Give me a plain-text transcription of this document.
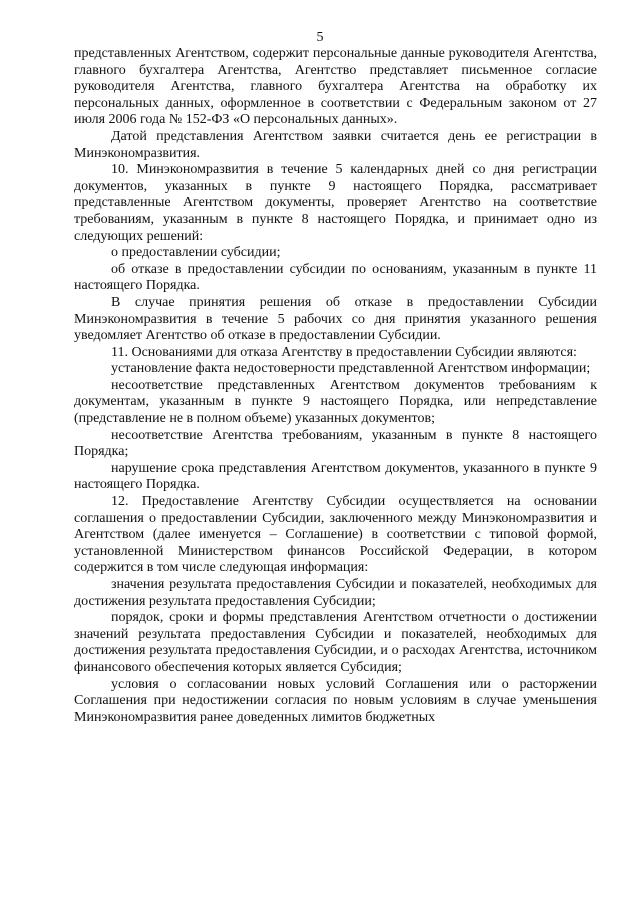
5

представленных Агентством, содержит персональные данные руководителя Агентства, главного бухгалтера Агентства, Агентство представляет письменное согласие руководителя Агентства, главного бухгалтера Агентства на обработку их персональных данных, оформленное в соответствии с Федеральным законом от 27 июля 2006 года № 152-ФЗ «О персональных данных».

Датой представления Агентством заявки считается день ее регистрации в Минэкономразвития.

10. Минэкономразвития в течение 5 календарных дней со дня регистрации документов, указанных в пункте 9 настоящего Порядка, рассматривает представленные Агентством документы, проверяет Агентство на соответствие требованиям, указанным в пункте 8 настоящего Порядка, и принимает одно из следующих решений:

о предоставлении субсидии;

об отказе в предоставлении субсидии по основаниям, указанным в пункте 11 настоящего Порядка.

В случае принятия решения об отказе в предоставлении Субсидии Минэкономразвития в течение 5 рабочих со дня принятия указанного решения уведомляет Агентство об отказе в предоставлении Субсидии.

11. Основаниями для отказа Агентству в предоставлении Субсидии являются:

установление факта недостоверности представленной Агентством информации;

несоответствие представленных Агентством документов требованиям к документам, указанным в пункте 9 настоящего Порядка, или непредставление (представление не в полном объеме) указанных документов;

несоответствие Агентства требованиям, указанным в пункте 8 настоящего Порядка;

нарушение срока представления Агентством документов, указанного в пункте 9 настоящего Порядка.

12. Предоставление Агентству Субсидии осуществляется на основании соглашения о предоставлении Субсидии, заключенного между Минэкономразвития и Агентством (далее именуется – Соглашение) в соответствии с типовой формой, установленной Министерством финансов Российской Федерации, в котором содержится в том числе следующая информация:

значения результата предоставления Субсидии и показателей, необходимых для достижения результата предоставления Субсидии;

порядок, сроки и формы представления Агентством отчетности о достижении значений результата предоставления Субсидии и показателей, необходимых для достижения результата предоставления Субсидии, и о расходах Агентства, источником финансового обеспечения которых является Субсидия;

условия о согласовании новых условий Соглашения или о расторжении Соглашения при недостижении согласия по новым условиям в случае уменьшения Минэкономразвития ранее доведенных лимитов бюджетных
